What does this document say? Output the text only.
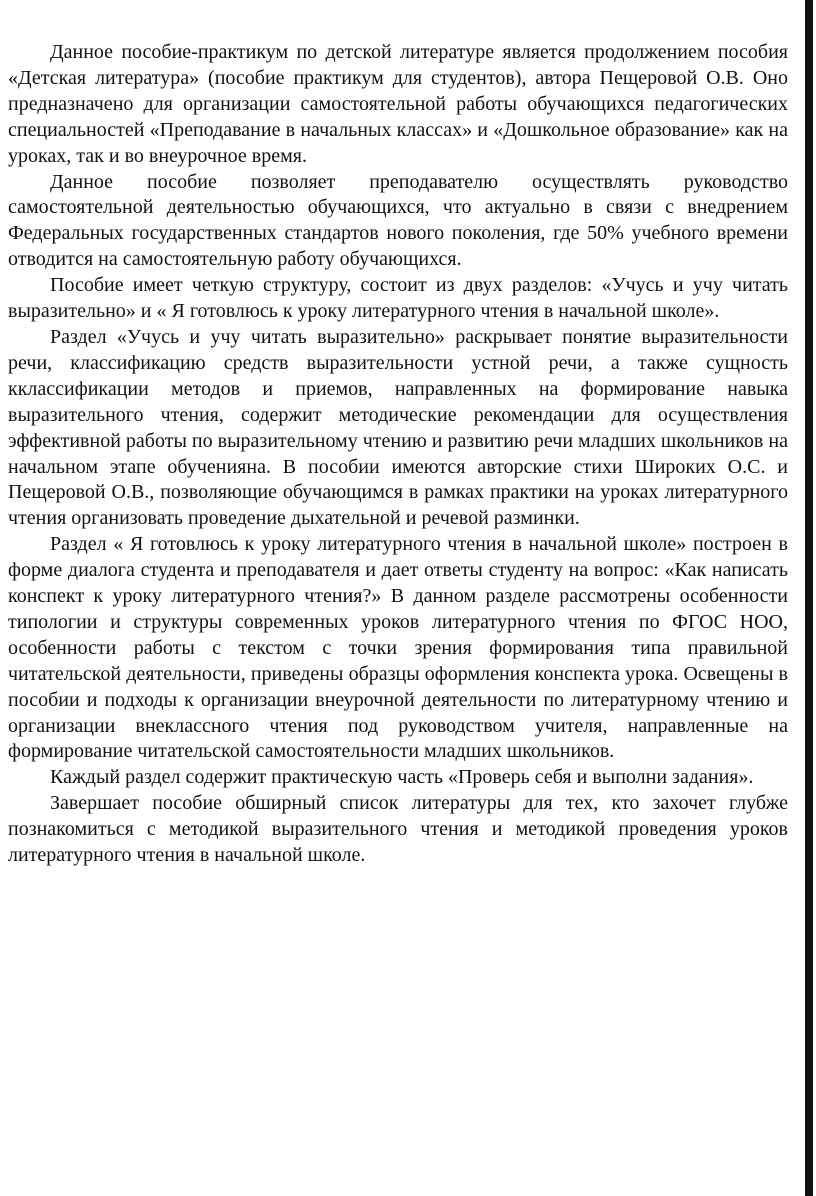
Данное пособие-практикум по детской литературе является продолжением пособия «Детская литература» (пособие практикум для студентов), автора Пещеровой О.В. Оно предназначено для организации самостоятельной работы обучающихся педагогических специальностей «Преподавание в начальных классах» и «Дошкольное образование» как на уроках, так и во внеурочное время.

Данное пособие позволяет преподавателю осуществлять руководство самостоятельной деятельностью обучающихся, что актуально в связи с внедрением Федеральных государственных стандартов нового поколения, где 50% учебного времени отводится на самостоятельную работу обучающихся.

Пособие имеет четкую структуру, состоит из двух разделов: «Учусь и учу читать выразительно» и « Я готовлюсь к уроку литературного чтения в начальной школе».

Раздел «Учусь и учу читать выразительно» раскрывает понятие выразительности речи, классификацию средств выразительности устной речи, а также сущность кклассификации методов и приемов, направленных на формирование навыка выразительного чтения, содержит методические рекомендации для осуществления эффективной работы по выразительному чтению и развитию речи младших школьников на начальном этапе обученияна. В пособии имеются авторские стихи Широких О.С. и Пещеровой О.В., позволяющие обучающимся в рамках практики на уроках литературного чтения организовать проведение дыхательной и речевой разминки.

Раздел « Я готовлюсь к уроку литературного чтения в начальной школе» построен в форме диалога студента и преподавателя и дает ответы студенту на вопрос: «Как написать конспект к уроку литературного чтения?» В данном разделе рассмотрены особенности типологии и структуры современных уроков литературного чтения по ФГОС НОО, особенности работы с текстом с точки зрения формирования типа правильной читательской деятельности, приведены образцы оформления конспекта урока. Освещены в пособии и подходы к организации внеурочной деятельности по литературному чтению и организации внеклассного чтения под руководством учителя, направленные на формирование читательской самостоятельности младших школьников.

Каждый раздел содержит практическую часть «Проверь себя и выполни задания».

Завершает пособие обширный список литературы для тех, кто захочет глубже познакомиться с методикой выразительного чтения и методикой проведения уроков литературного чтения в начальной школе.
